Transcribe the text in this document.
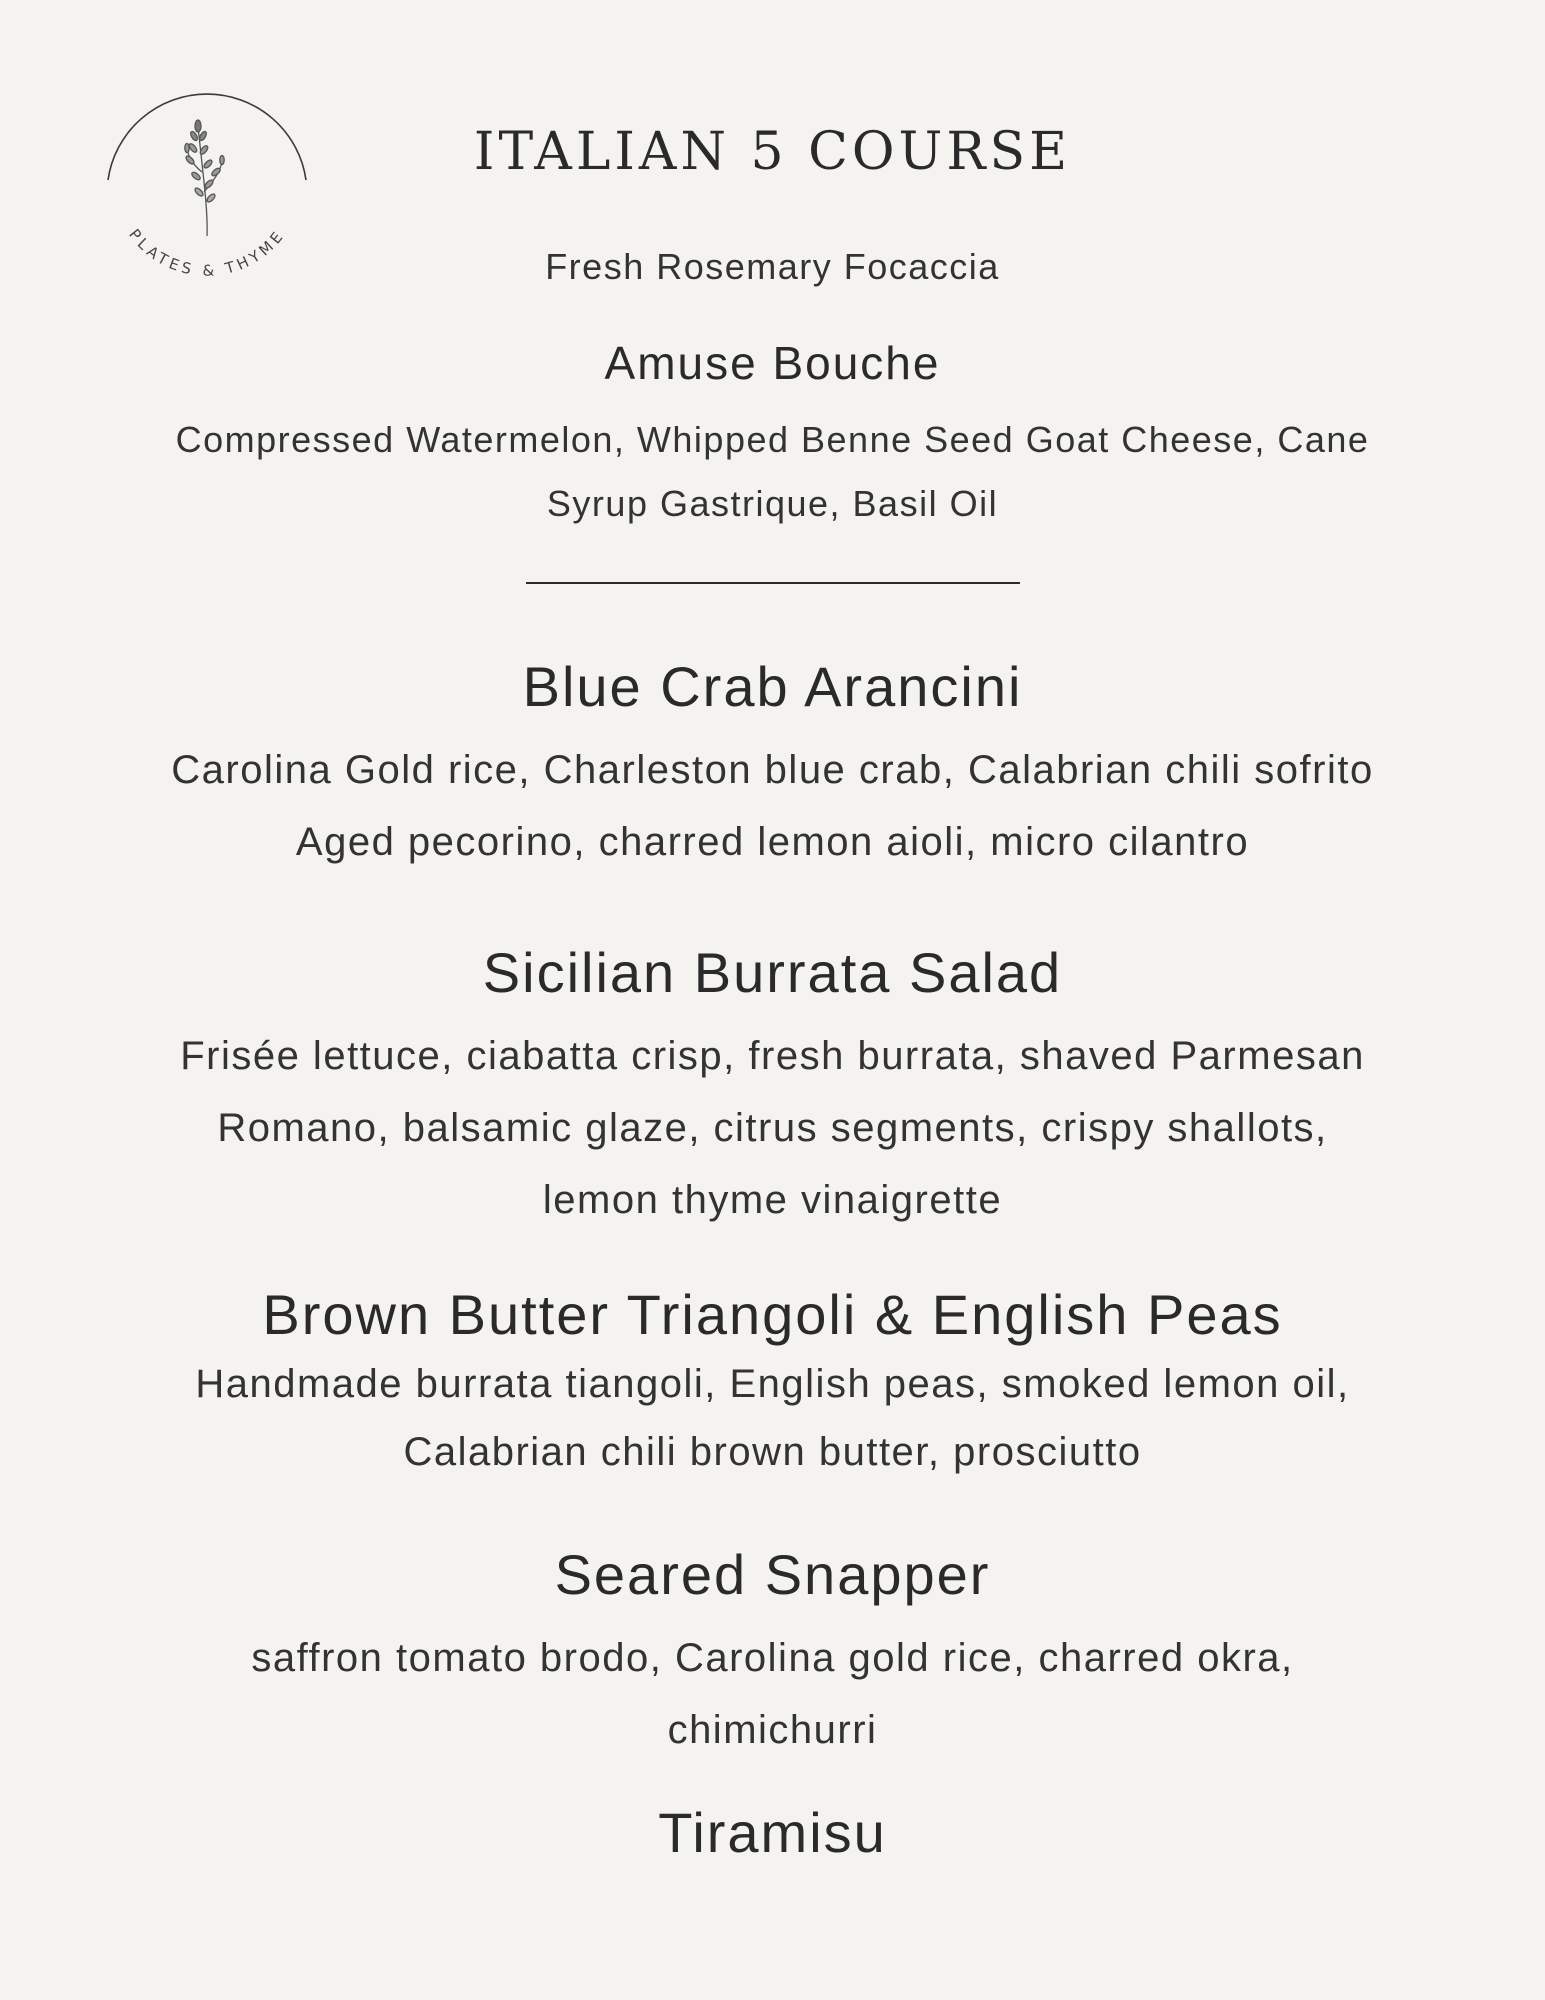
PLATES & THYME
ITALIAN 5 COURSE
Fresh Rosemary Focaccia
Amuse Bouche
Compressed Watermelon, Whipped Benne Seed Goat Cheese, Cane
Syrup Gastrique, Basil Oil
Blue Crab Arancini
Carolina Gold rice, Charleston blue crab, Calabrian chili sofrito
Aged pecorino, charred lemon aioli, micro cilantro
Sicilian Burrata Salad
Frisée lettuce, ciabatta crisp, fresh burrata, shaved Parmesan
Romano, balsamic glaze, citrus segments, crispy shallots,
lemon thyme vinaigrette
Brown Butter Triangoli & English Peas
Handmade burrata tiangoli, English peas, smoked lemon oil,
Calabrian chili brown butter, prosciutto
Seared Snapper
saffron tomato brodo, Carolina gold rice, charred okra,
chimichurri
Tiramisu
